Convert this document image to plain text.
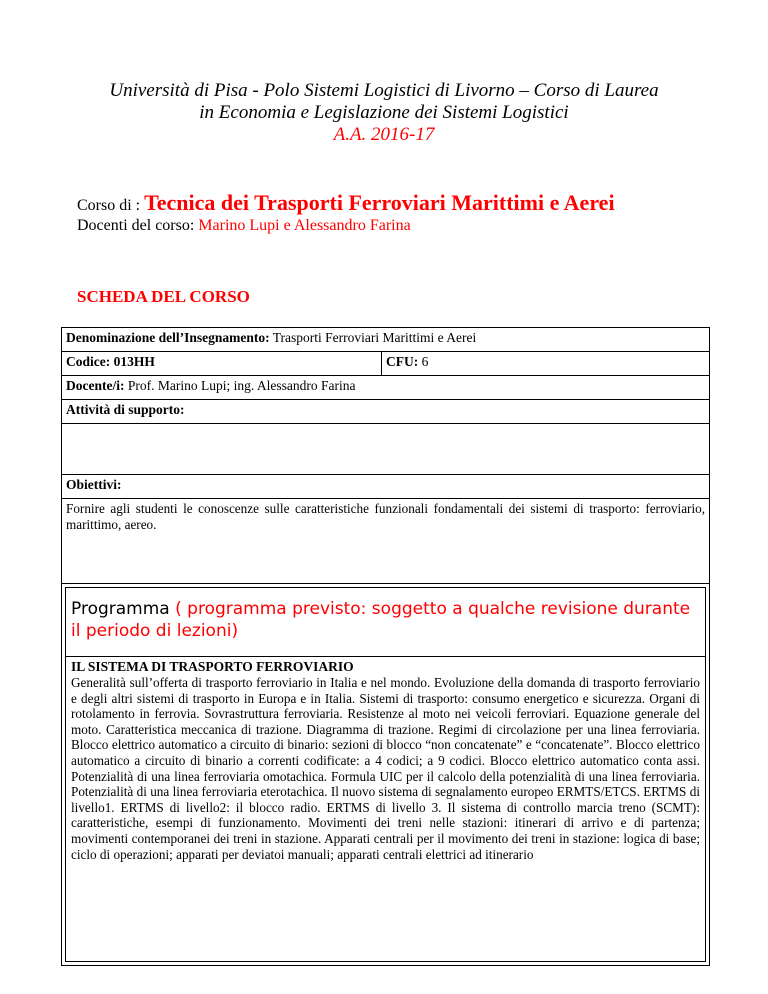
Università di Pisa - Polo Sistemi Logistici di Livorno – Corso di Laurea
in Economia e Legislazione dei Sistemi Logistici
A.A. 2016-17
Corso di : Tecnica dei Trasporti Ferroviari Marittimi e Aerei
Docenti del corso: Marino Lupi e Alessandro Farina
SCHEDA DEL CORSO
Denominazione dell’Insegnamento: Trasporti Ferroviari Marittimi e Aerei
Codice: 013HH	CFU: 6
Docente/i: Prof. Marino Lupi; ing. Alessandro Farina
Attività di supporto:

Obiettivi:

Fornire agli studenti le conoscenze sulle caratteristiche funzionali fondamentali dei sistemi di trasporto: ferroviario, marittimo, aereo.

Programma ( programma previsto: soggetto a qualche revisione durante il periodo di lezioni)
IL SISTEMA DI TRASPORTO FERROVIARIO
Generalità sull’offerta di trasporto ferroviario in Italia e nel mondo. Evoluzione della domanda di trasporto ferroviario e degli altri sistemi di trasporto in Europa e in Italia. Sistemi di trasporto: consumo energetico e sicurezza. Organi di rotolamento in ferrovia. Sovrastruttura ferroviaria. Resistenze al moto nei veicoli ferroviari. Equazione generale del moto. Caratteristica meccanica di trazione. Diagramma di trazione. Regimi di circolazione per una linea ferroviaria. Blocco elettrico automatico a circuito di binario: sezioni di blocco “non concatenate” e “concatenate”. Blocco elettrico automatico a circuito di binario a correnti codificate: a 4 codici; a 9 codici. Blocco elettrico automatico conta assi. Potenzialità di una linea ferroviaria omotachica. Formula UIC per il calcolo della potenzialità di una linea ferroviaria. Potenzialità di una linea ferroviaria eterotachica. Il nuovo sistema di segnalamento europeo ERMTS/ETCS. ERTMS di livello1. ERTMS di livello2: il blocco radio. ERTMS di livello 3. Il sistema di controllo marcia treno (SCMT): caratteristiche, esempi di funzionamento. Movimenti dei treni nelle stazioni: itinerari di arrivo e di partenza; movimenti contemporanei dei treni in stazione. Apparati centrali per il movimento dei treni in stazione: logica di base; ciclo di operazioni; apparati per deviatoi manuali; apparati centrali elettrici ad itinerario
